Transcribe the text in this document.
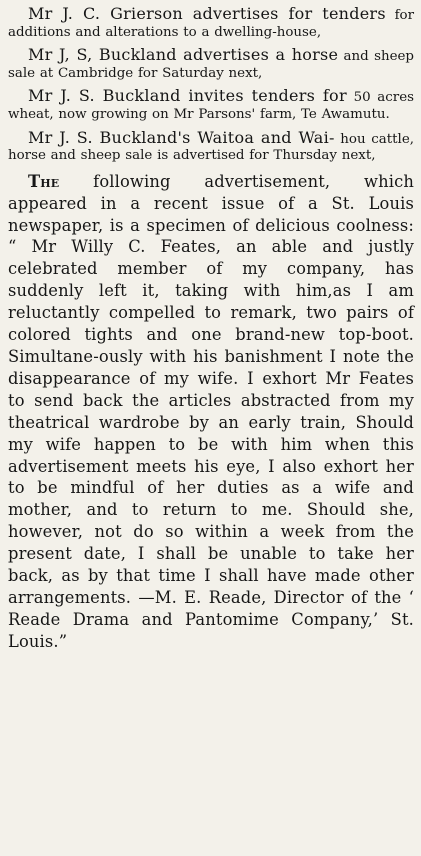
Mr J. C. Grierson advertises for tenders for additions and alterations to a dwelling-house,

Mr J, S, Buckland advertises a horse and sheep sale at Cambridge for Saturday next,

Mr J. S. Buckland invites tenders for 50 acres wheat, now growing on Mr Parsons' farm, Te Awamutu.

Mr J. S. Buckland's Waitoa and Wai- hou cattle, horse and sheep sale is advertised for Thursday next,

The following advertisement, which appeared in a recent issue of a St. Louis newspaper, is a specimen of delicious coolness: “ Mr Willy C. Feates, an able and justly celebrated member of my company, has suddenly left it, taking with him,as I am reluctantly compelled to remark, two pairs of colored tights and one brand-new top-boot. Simultane-ously with his banishment I note the disappearance of my wife. I exhort Mr Feates to send back the articles abstracted from my theatrical wardrobe by an early train, Should my wife happen to be with him when this advertisement meets his eye, I also exhort her to be mindful of her duties as a wife and mother, and to return to me. Should she, however, not do so within a week from the present date, I shall be unable to take her back, as by that time I shall have made other arrangements. —M. E. Reade, Director of the ‘ Reade Drama and Pantomime Company,’ St. Louis.”
